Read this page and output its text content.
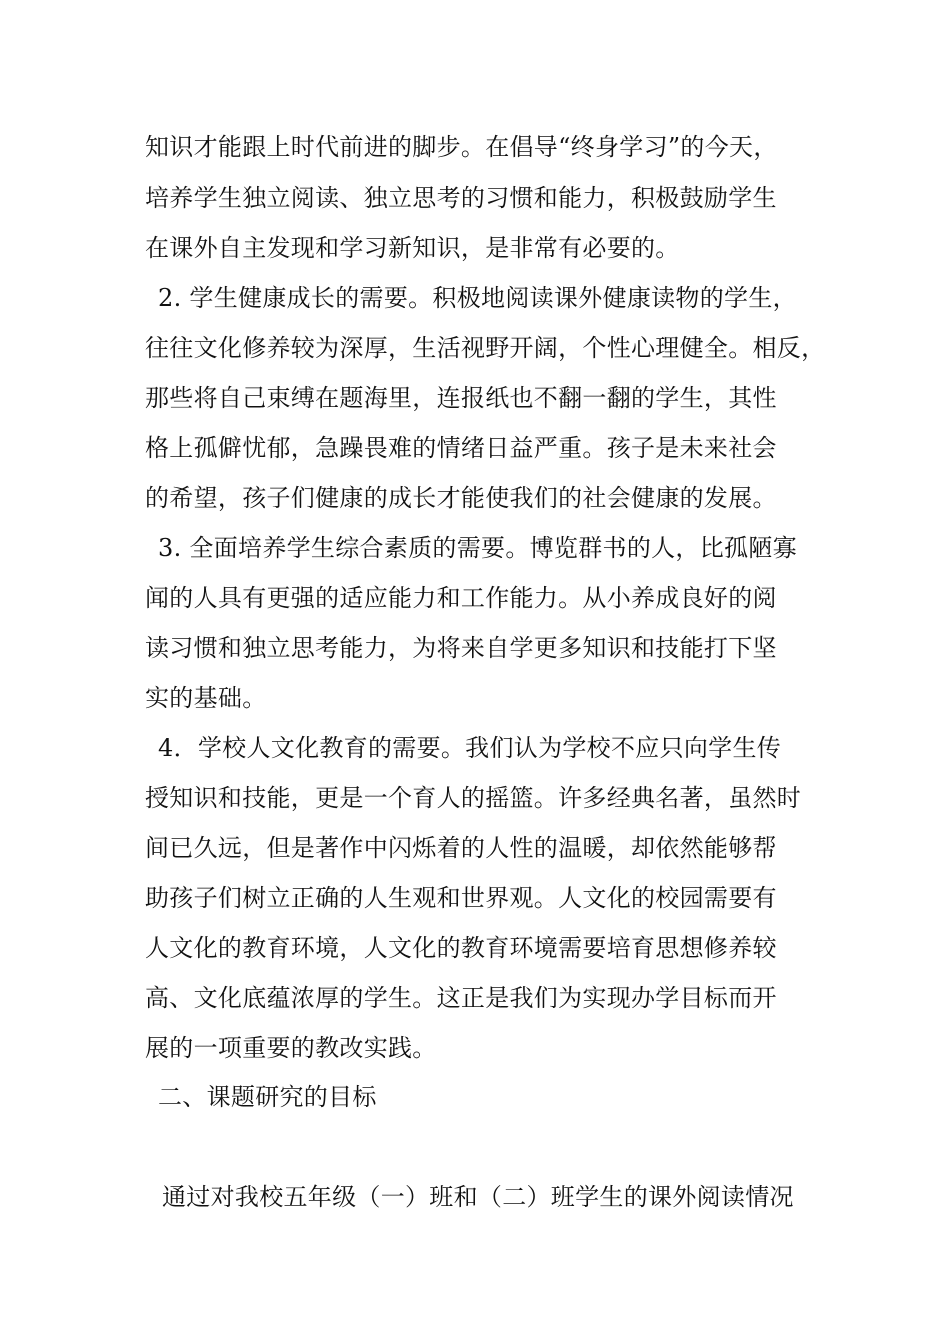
知识才能跟上时代前进的脚步。在倡导“终身学习”的今天，
培养学生独立阅读、独立思考的习惯和能力，积极鼓励学生
在课外自主发现和学习新知识，是非常有必要的。
2. 学生健康成长的需要。积极地阅读课外健康读物的学生，
往往文化修养较为深厚，生活视野开阔，个性心理健全。相反，
那些将自己束缚在题海里，连报纸也不翻一翻的学生，其性
格上孤僻忧郁，急躁畏难的情绪日益严重。孩子是未来社会
的希望，孩子们健康的成长才能使我们的社会健康的发展。
3. 全面培养学生综合素质的需要。博览群书的人，比孤陋寡
闻的人具有更强的适应能力和工作能力。从小养成良好的阅
读习惯和独立思考能力，为将来自学更多知识和技能打下坚
实的基础。
4．学校人文化教育的需要。我们认为学校不应只向学生传
授知识和技能，更是一个育人的摇篮。许多经典名著，虽然时
间已久远，但是著作中闪烁着的人性的温暖，却依然能够帮
助孩子们树立正确的人生观和世界观。人文化的校园需要有
人文化的教育环境，人文化的教育环境需要培育思想修养较
高、文化底蕴浓厚的学生。这正是我们为实现办学目标而开
展的一项重要的教改实践。
二、课题研究的目标
通过对我校五年级（一）班和（二）班学生的课外阅读情况
